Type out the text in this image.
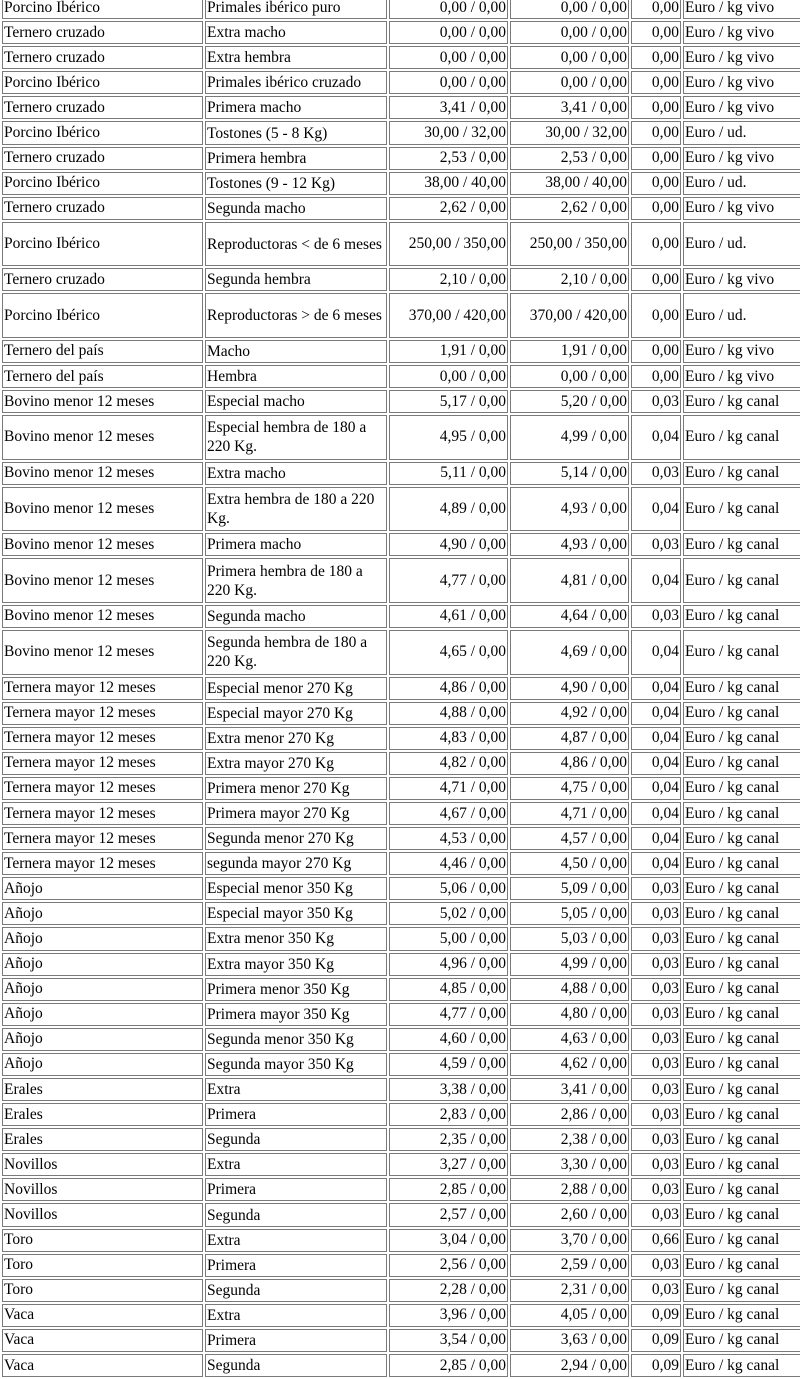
Porcino Ibérico	Primales ibérico puro	0,00 / 0,00	0,00 / 0,00	0,00	Euro / kg vivo
Ternero cruzado	Extra macho	0,00 / 0,00	0,00 / 0,00	0,00	Euro / kg vivo
Ternero cruzado	Extra hembra	0,00 / 0,00	0,00 / 0,00	0,00	Euro / kg vivo
Porcino Ibérico	Primales ibérico cruzado	0,00 / 0,00	0,00 / 0,00	0,00	Euro / kg vivo
Ternero cruzado	Primera macho	3,41 / 0,00	3,41 / 0,00	0,00	Euro / kg vivo
Porcino Ibérico	Tostones (5 - 8 Kg)	30,00 / 32,00	30,00 / 32,00	0,00	Euro / ud.
Ternero cruzado	Primera hembra	2,53 / 0,00	2,53 / 0,00	0,00	Euro / kg vivo
Porcino Ibérico	Tostones (9 - 12 Kg)	38,00 / 40,00	38,00 / 40,00	0,00	Euro / ud.
Ternero cruzado	Segunda macho	2,62 / 0,00	2,62 / 0,00	0,00	Euro / kg vivo
Porcino Ibérico	Reproductoras < de 6 meses	250,00 / 350,00	250,00 / 350,00	0,00	Euro / ud.
Ternero cruzado	Segunda hembra	2,10 / 0,00	2,10 / 0,00	0,00	Euro / kg vivo
Porcino Ibérico	Reproductoras > de 6 meses	370,00 / 420,00	370,00 / 420,00	0,00	Euro / ud.
Ternero del país	Macho	1,91 / 0,00	1,91 / 0,00	0,00	Euro / kg vivo
Ternero del país	Hembra	0,00 / 0,00	0,00 / 0,00	0,00	Euro / kg vivo
Bovino menor 12 meses	Especial macho	5,17 / 0,00	5,20 / 0,00	0,03	Euro / kg canal
Bovino menor 12 meses	Especial hembra de 180 a 220 Kg.	4,95 / 0,00	4,99 / 0,00	0,04	Euro / kg canal
Bovino menor 12 meses	Extra macho	5,11 / 0,00	5,14 / 0,00	0,03	Euro / kg canal
Bovino menor 12 meses	Extra hembra de 180 a 220 Kg.	4,89 / 0,00	4,93 / 0,00	0,04	Euro / kg canal
Bovino menor 12 meses	Primera macho	4,90 / 0,00	4,93 / 0,00	0,03	Euro / kg canal
Bovino menor 12 meses	Primera hembra de 180 a 220 Kg.	4,77 / 0,00	4,81 / 0,00	0,04	Euro / kg canal
Bovino menor 12 meses	Segunda macho	4,61 / 0,00	4,64 / 0,00	0,03	Euro / kg canal
Bovino menor 12 meses	Segunda hembra de 180 a 220 Kg.	4,65 / 0,00	4,69 / 0,00	0,04	Euro / kg canal
Ternera mayor 12 meses	Especial menor 270 Kg	4,86 / 0,00	4,90 / 0,00	0,04	Euro / kg canal
Ternera mayor 12 meses	Especial mayor 270 Kg	4,88 / 0,00	4,92 / 0,00	0,04	Euro / kg canal
Ternera mayor 12 meses	Extra menor 270 Kg	4,83 / 0,00	4,87 / 0,00	0,04	Euro / kg canal
Ternera mayor 12 meses	Extra mayor 270 Kg	4,82 / 0,00	4,86 / 0,00	0,04	Euro / kg canal
Ternera mayor 12 meses	Primera menor 270 Kg	4,71 / 0,00	4,75 / 0,00	0,04	Euro / kg canal
Ternera mayor 12 meses	Primera mayor 270 Kg	4,67 / 0,00	4,71 / 0,00	0,04	Euro / kg canal
Ternera mayor 12 meses	Segunda menor 270 Kg	4,53 / 0,00	4,57 / 0,00	0,04	Euro / kg canal
Ternera mayor 12 meses	segunda mayor 270 Kg	4,46 / 0,00	4,50 / 0,00	0,04	Euro / kg canal
Añojo	Especial menor 350 Kg	5,06 / 0,00	5,09 / 0,00	0,03	Euro / kg canal
Añojo	Especial mayor 350 Kg	5,02 / 0,00	5,05 / 0,00	0,03	Euro / kg canal
Añojo	Extra menor 350 Kg	5,00 / 0,00	5,03 / 0,00	0,03	Euro / kg canal
Añojo	Extra mayor 350 Kg	4,96 / 0,00	4,99 / 0,00	0,03	Euro / kg canal
Añojo	Primera menor 350 Kg	4,85 / 0,00	4,88 / 0,00	0,03	Euro / kg canal
Añojo	Primera mayor 350 Kg	4,77 / 0,00	4,80 / 0,00	0,03	Euro / kg canal
Añojo	Segunda menor 350 Kg	4,60 / 0,00	4,63 / 0,00	0,03	Euro / kg canal
Añojo	Segunda mayor 350 Kg	4,59 / 0,00	4,62 / 0,00	0,03	Euro / kg canal
Erales	Extra	3,38 / 0,00	3,41 / 0,00	0,03	Euro / kg canal
Erales	Primera	2,83 / 0,00	2,86 / 0,00	0,03	Euro / kg canal
Erales	Segunda	2,35 / 0,00	2,38 / 0,00	0,03	Euro / kg canal
Novillos	Extra	3,27 / 0,00	3,30 / 0,00	0,03	Euro / kg canal
Novillos	Primera	2,85 / 0,00	2,88 / 0,00	0,03	Euro / kg canal
Novillos	Segunda	2,57 / 0,00	2,60 / 0,00	0,03	Euro / kg canal
Toro	Extra	3,04 / 0,00	3,70 / 0,00	0,66	Euro / kg canal
Toro	Primera	2,56 / 0,00	2,59 / 0,00	0,03	Euro / kg canal
Toro	Segunda	2,28 / 0,00	2,31 / 0,00	0,03	Euro / kg canal
Vaca	Extra	3,96 / 0,00	4,05 / 0,00	0,09	Euro / kg canal
Vaca	Primera	3,54 / 0,00	3,63 / 0,00	0,09	Euro / kg canal
Vaca	Segunda	2,85 / 0,00	2,94 / 0,00	0,09	Euro / kg canal
